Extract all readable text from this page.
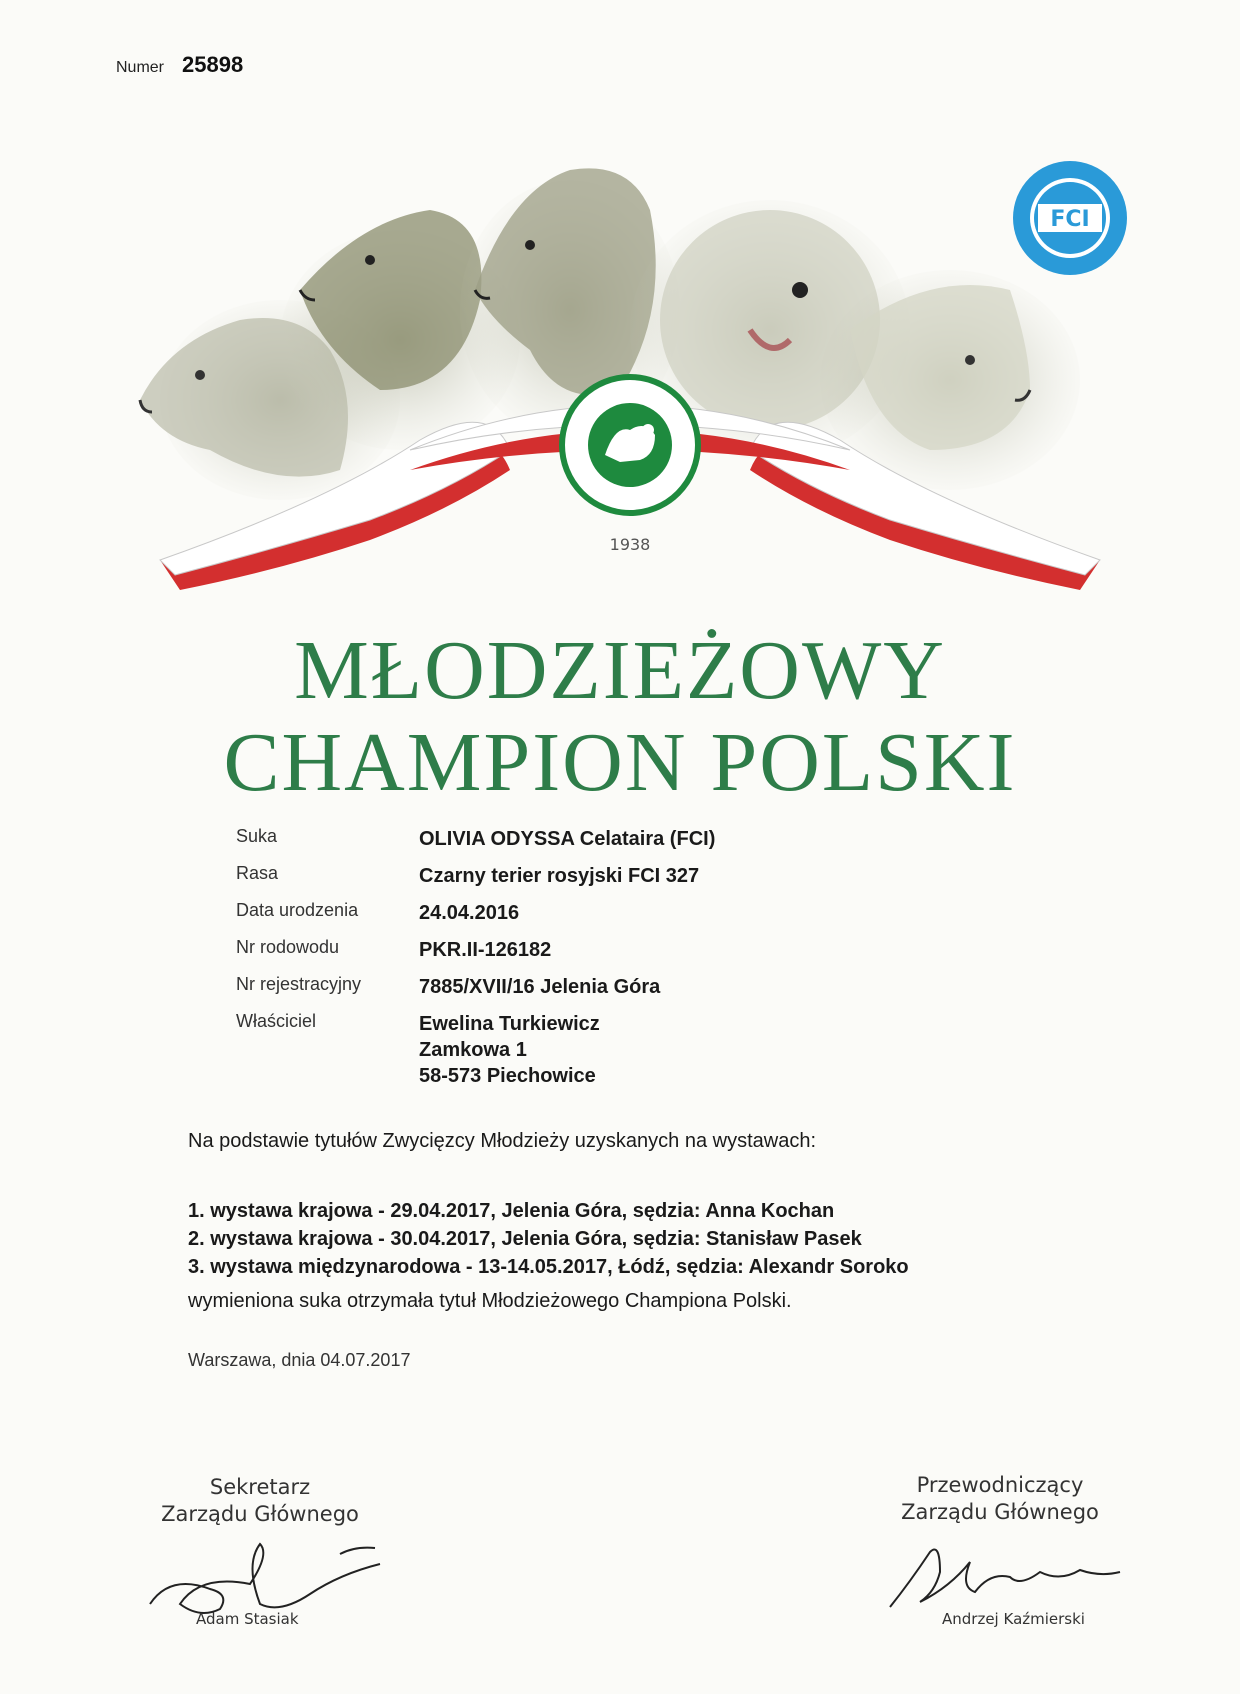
Numer 25898
1938
FCI
MŁODZIEŻOWY
CHAMPION POLSKI
Suka	OLIVIA ODYSSA Celataira (FCI)
Rasa	Czarny terier rosyjski FCI 327
Data urodzenia	24.04.2016
Nr rodowodu	PKR.II-126182
Nr rejestracyjny	7885/XVII/16 Jelenia Góra
Właściciel	Ewelina Turkiewicz
Zamkowa 1
58-573 Piechowice
Na podstawie tytułów Zwycięzcy Młodzieży uzyskanych na wystawach:
1. wystawa krajowa - 29.04.2017, Jelenia Góra, sędzia: Anna Kochan
2. wystawa krajowa - 30.04.2017, Jelenia Góra, sędzia: Stanisław Pasek
3. wystawa międzynarodowa - 13-14.05.2017, Łódź, sędzia: Alexandr Soroko
wymieniona suka otrzymała tytuł Młodzieżowego Championa Polski.
Warszawa, dnia 04.07.2017
Sekretarz
Zarządu Głównego
Adam Stasiak
Przewodniczący
Zarządu Głównego
Andrzej Kaźmierski
